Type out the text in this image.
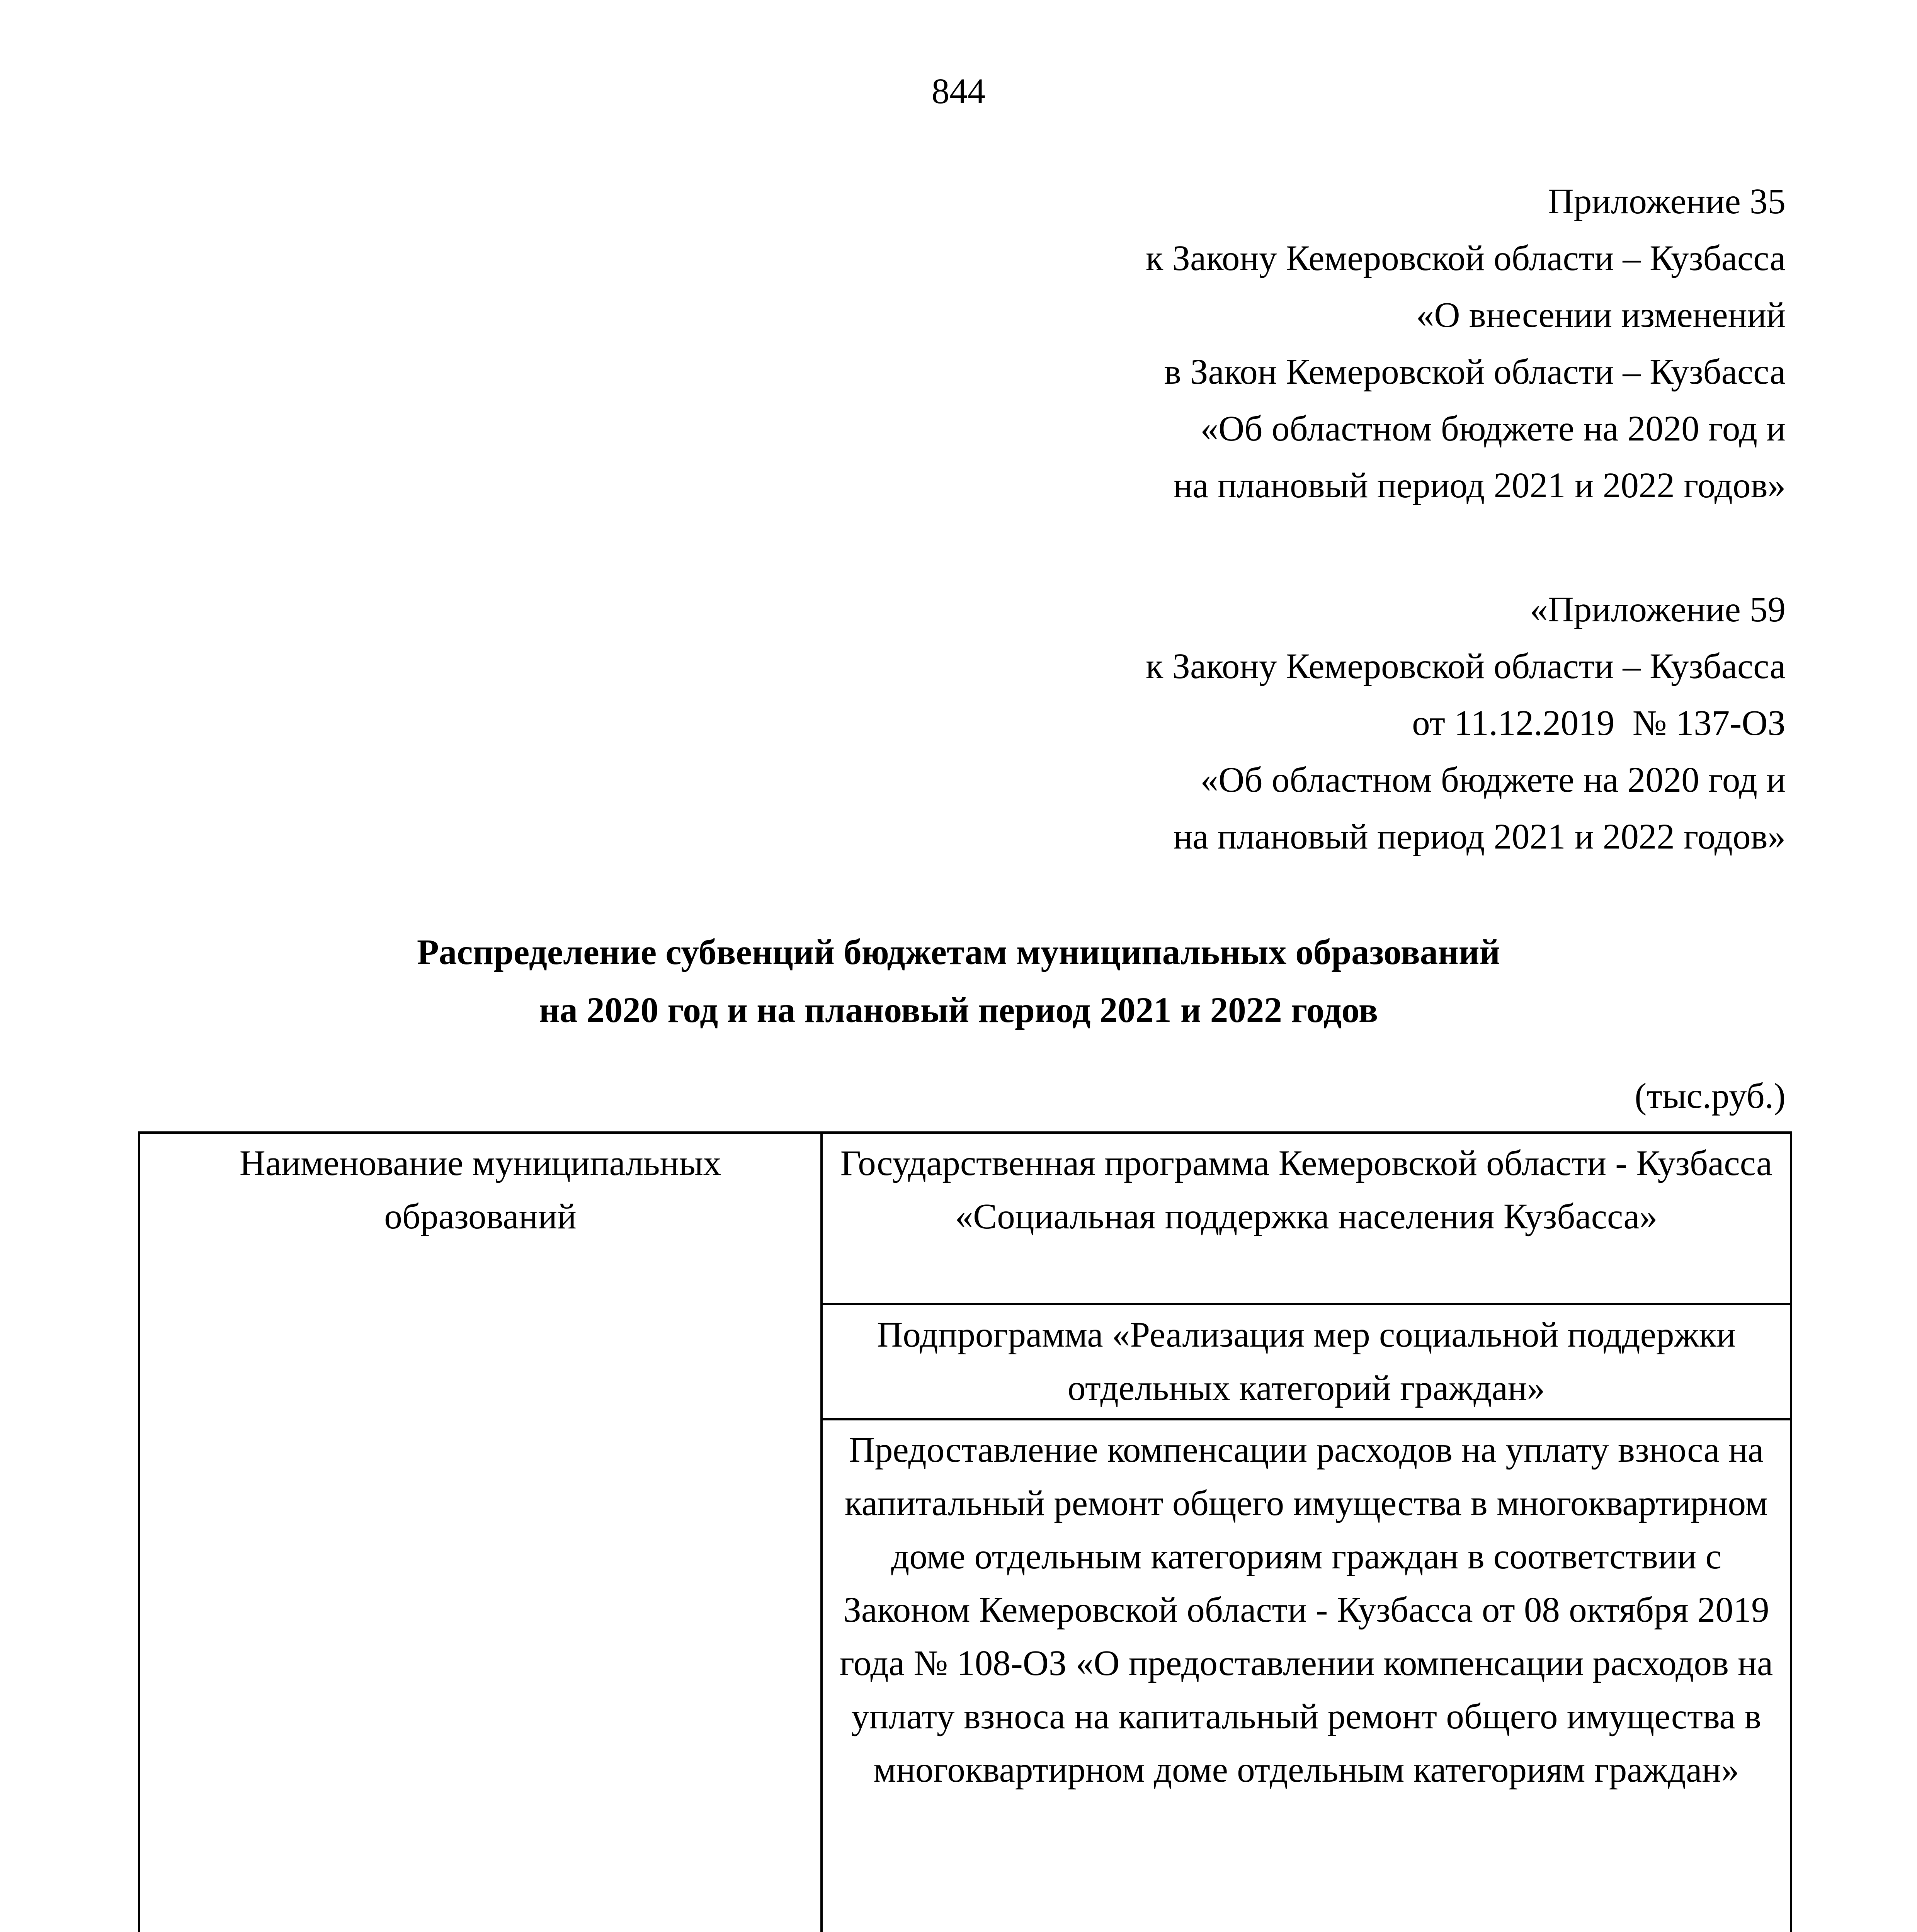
844
Приложение 35
к Закону Кемеровской области – Кузбасса
«О внесении изменений
в Закон Кемеровской области – Кузбасса
«Об областном бюджете на 2020 год и
на плановый период 2021 и 2022 годов»
«Приложение 59
к Закону Кемеровской области – Кузбасса
от 11.12.2019  № 137-ОЗ
«Об областном бюджете на 2020 год и
на плановый период 2021 и 2022 годов»
Распределение субвенций бюджетам муниципальных образований
на 2020 год и на плановый период 2021 и 2022 годов
(тыс.руб.)
Наименование муниципальных образований	Государственная программа Кемеровской области - Кузбасса «Социальная поддержка населения Кузбасса»		
	Подпрограмма «Реализация мер социальной поддержки отдельных категорий граждан»		
	Предоставление компенсации расходов на уплату взноса на капитальный ремонт общего имущества в многоквартирном доме отдельным категориям граждан в соответствии с Законом Кемеровской области - Кузбасса от 08 октября 2019 года № 108-ОЗ «О предоставлении компенсации расходов на уплату взноса на капитальный ремонт общего имущества в многоквартирном доме отдельным категориям граждан»		
